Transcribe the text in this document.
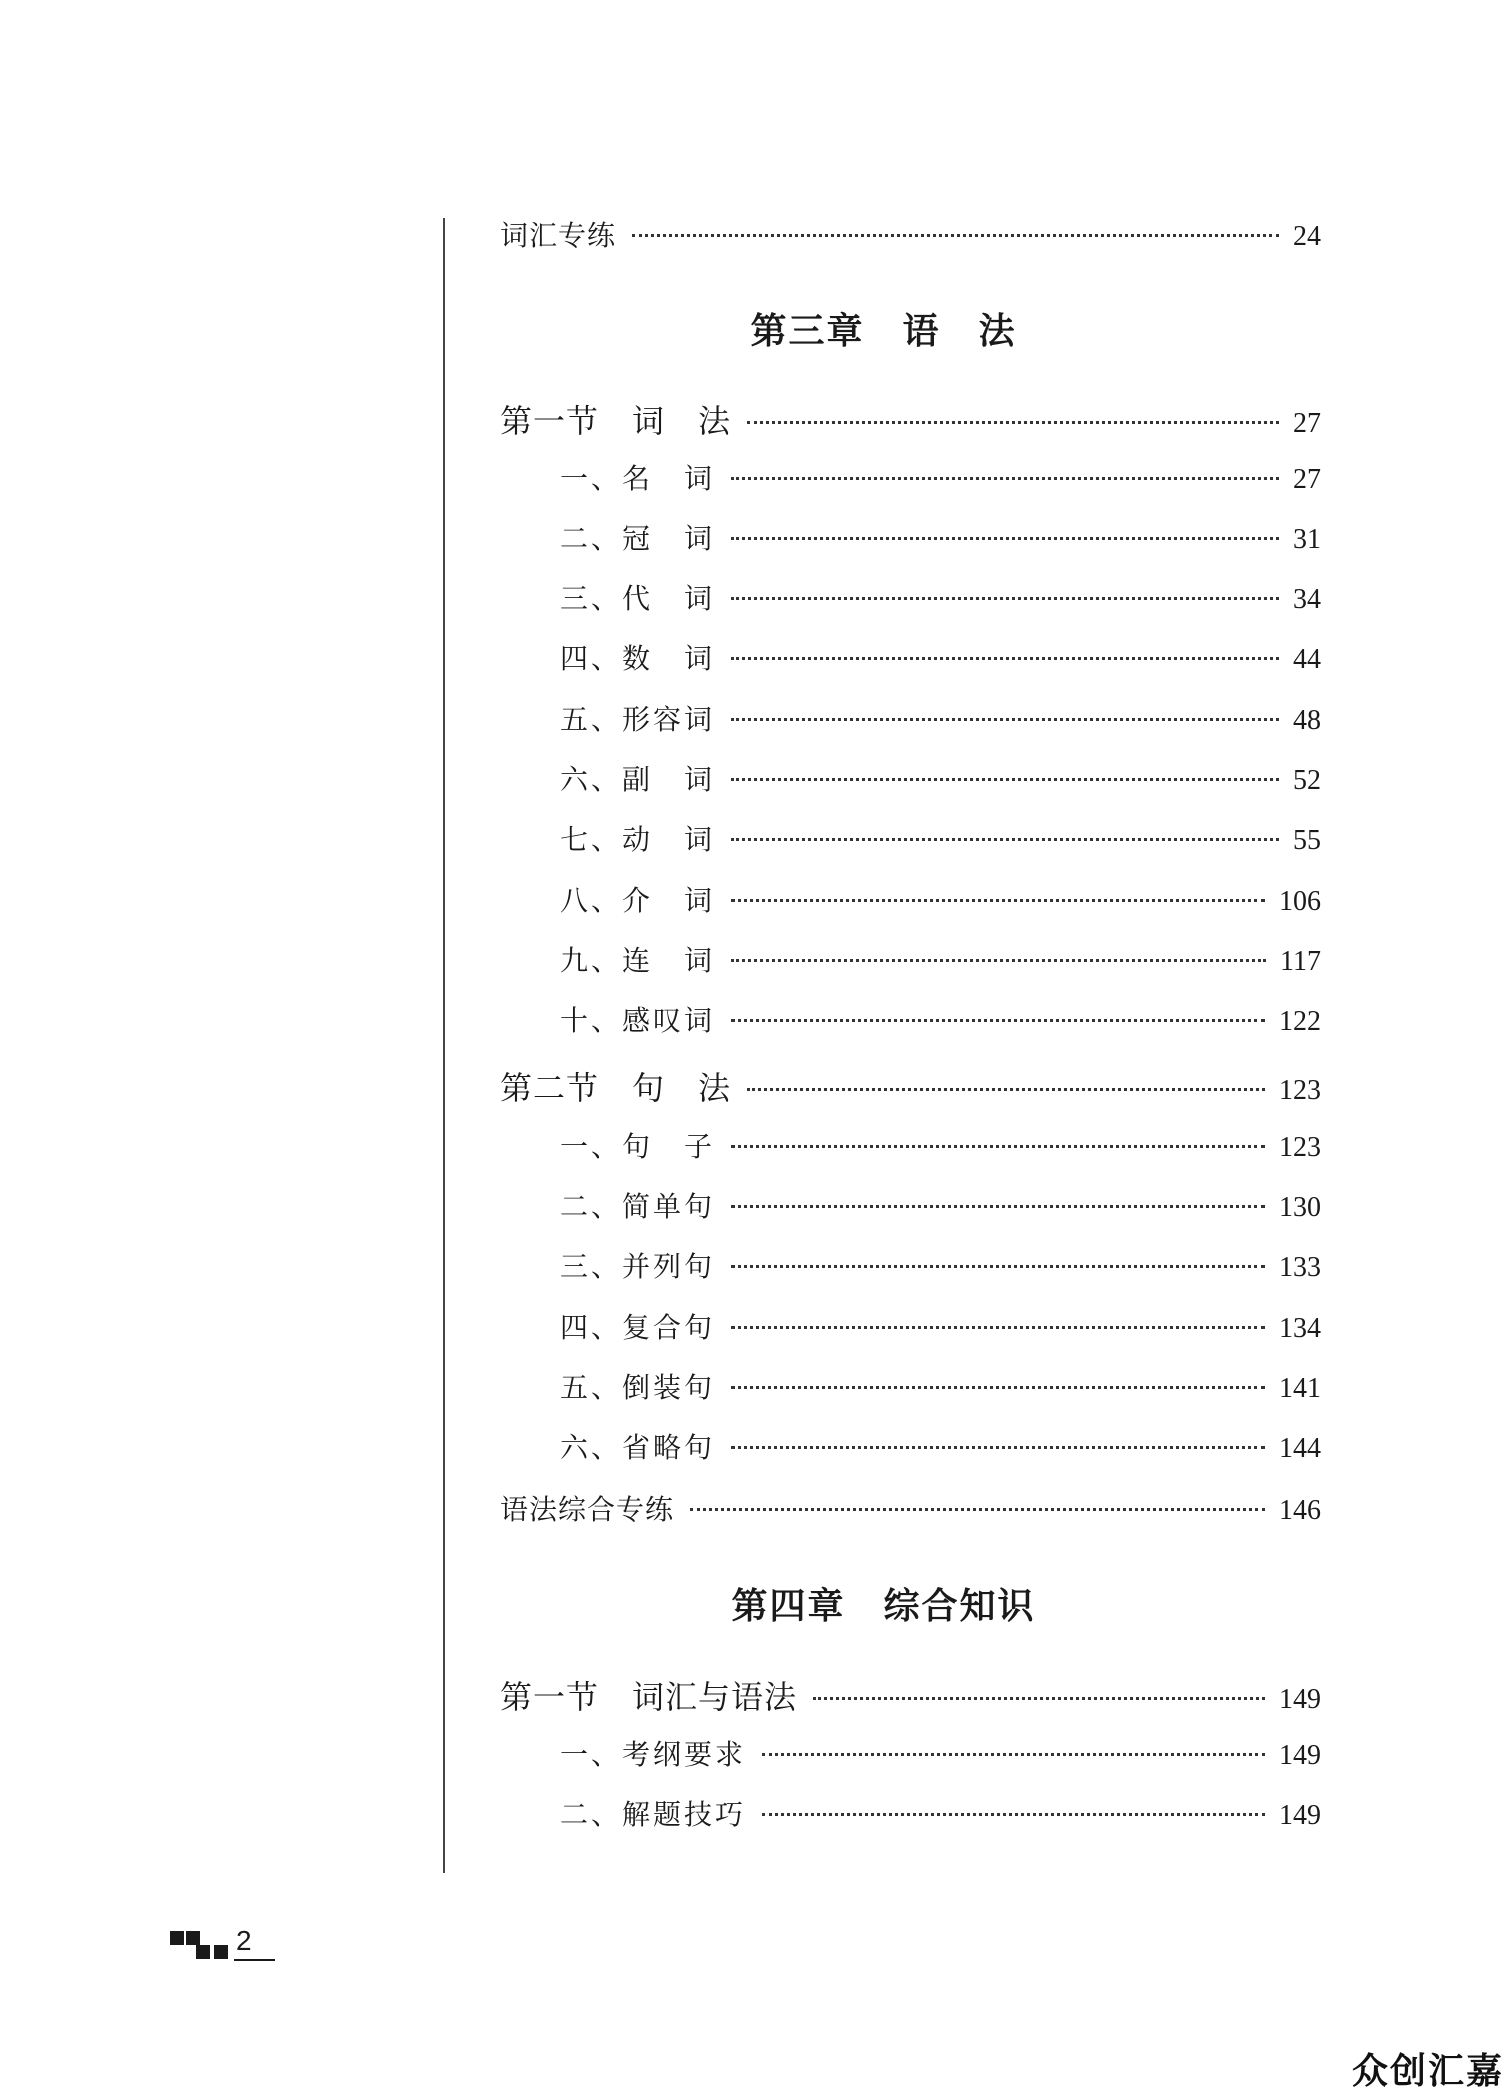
词汇专练	24
第三章　语　法
第一节　词　法	27
一、名　词	27
二、冠　词	31
三、代　词	34
四、数　词	44
五、形容词	48
六、副　词	52
七、动　词	55
八、介　词	106
九、连　词	117
十、感叹词	122
第二节　句　法	123
一、句　子	123
二、简单句	130
三、并列句	133
四、复合句	134
五、倒装句	141
六、省略句	144
语法综合专练	146
第四章　综合知识
第一节　词汇与语法	149
一、考纲要求	149
二、解题技巧	149
2
众创汇嘉
